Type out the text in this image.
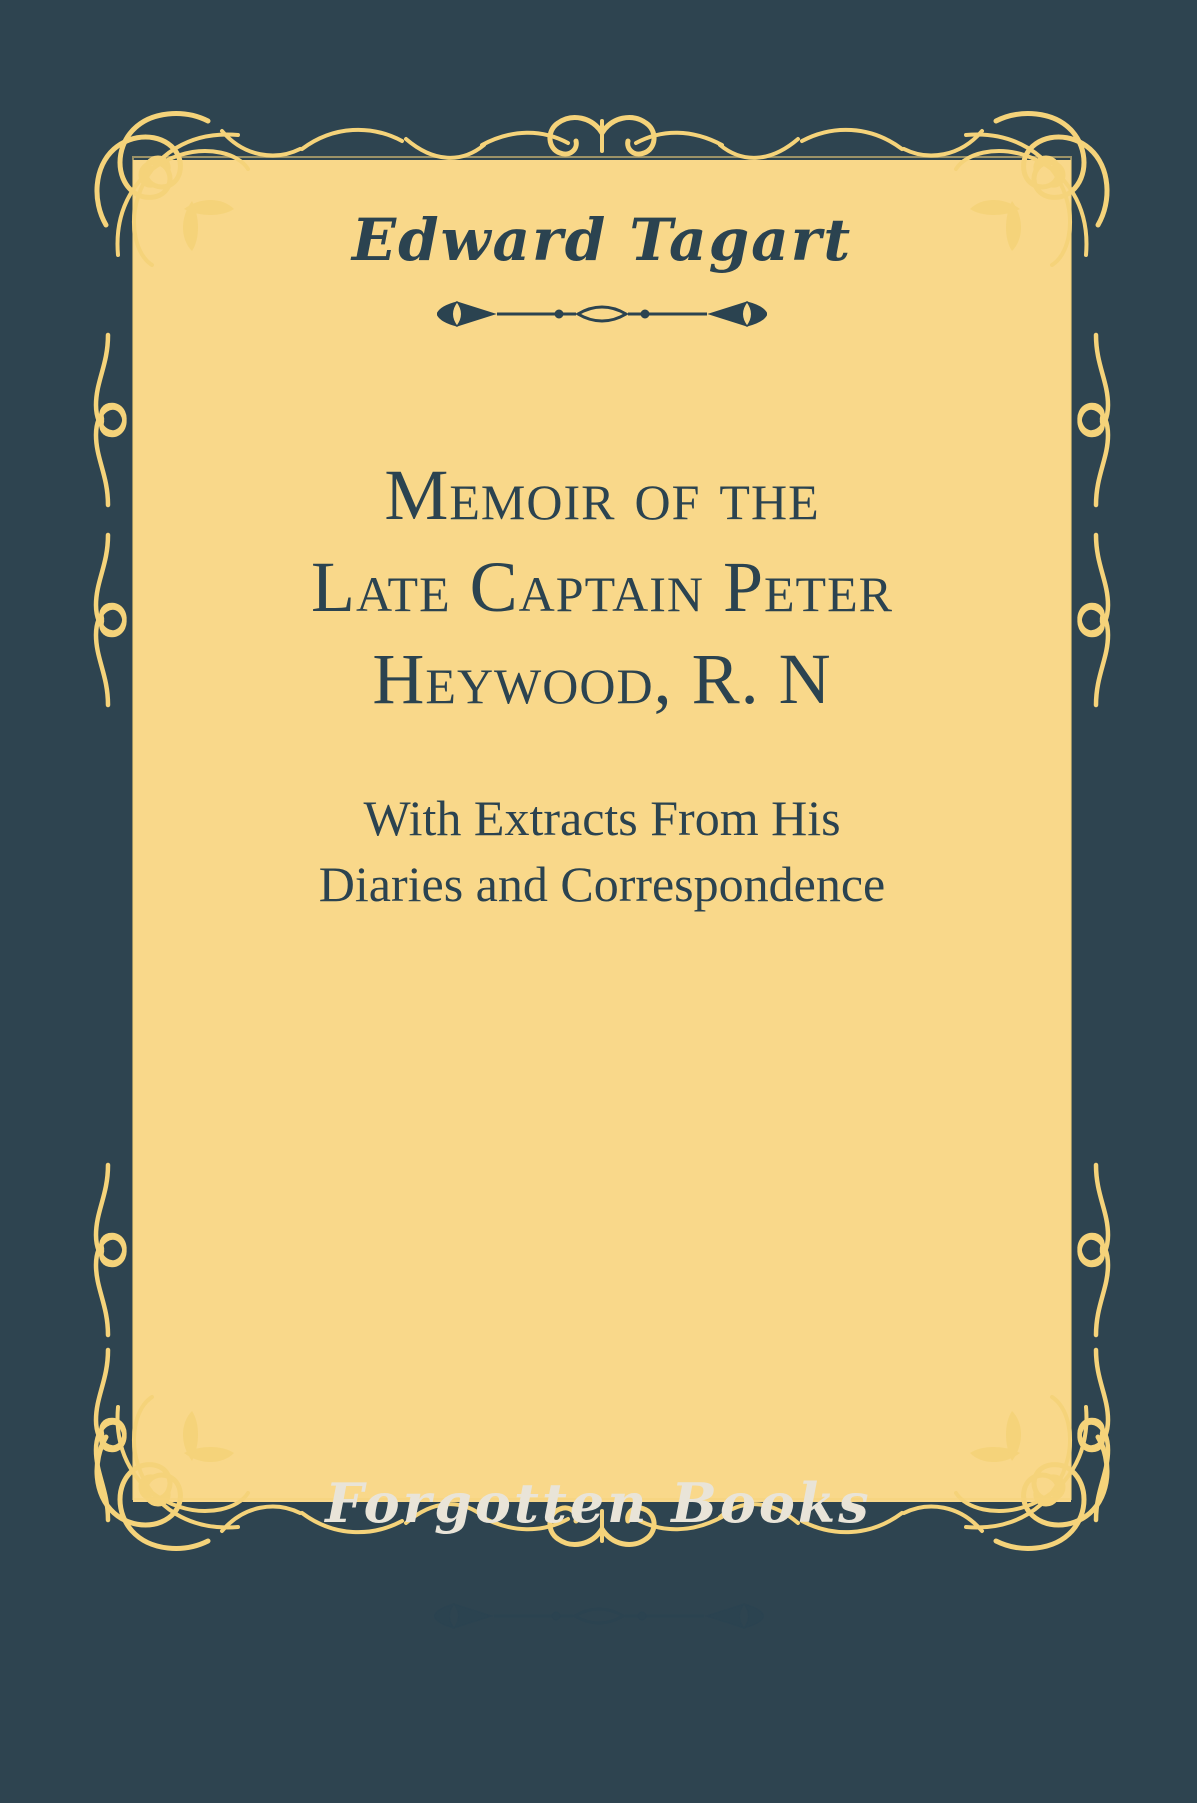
Edward Tagart
Memoir of the
Late Captain Peter
Heywood, R. N
With Extracts From His
Diaries and Correspondence
Forgotten Books
